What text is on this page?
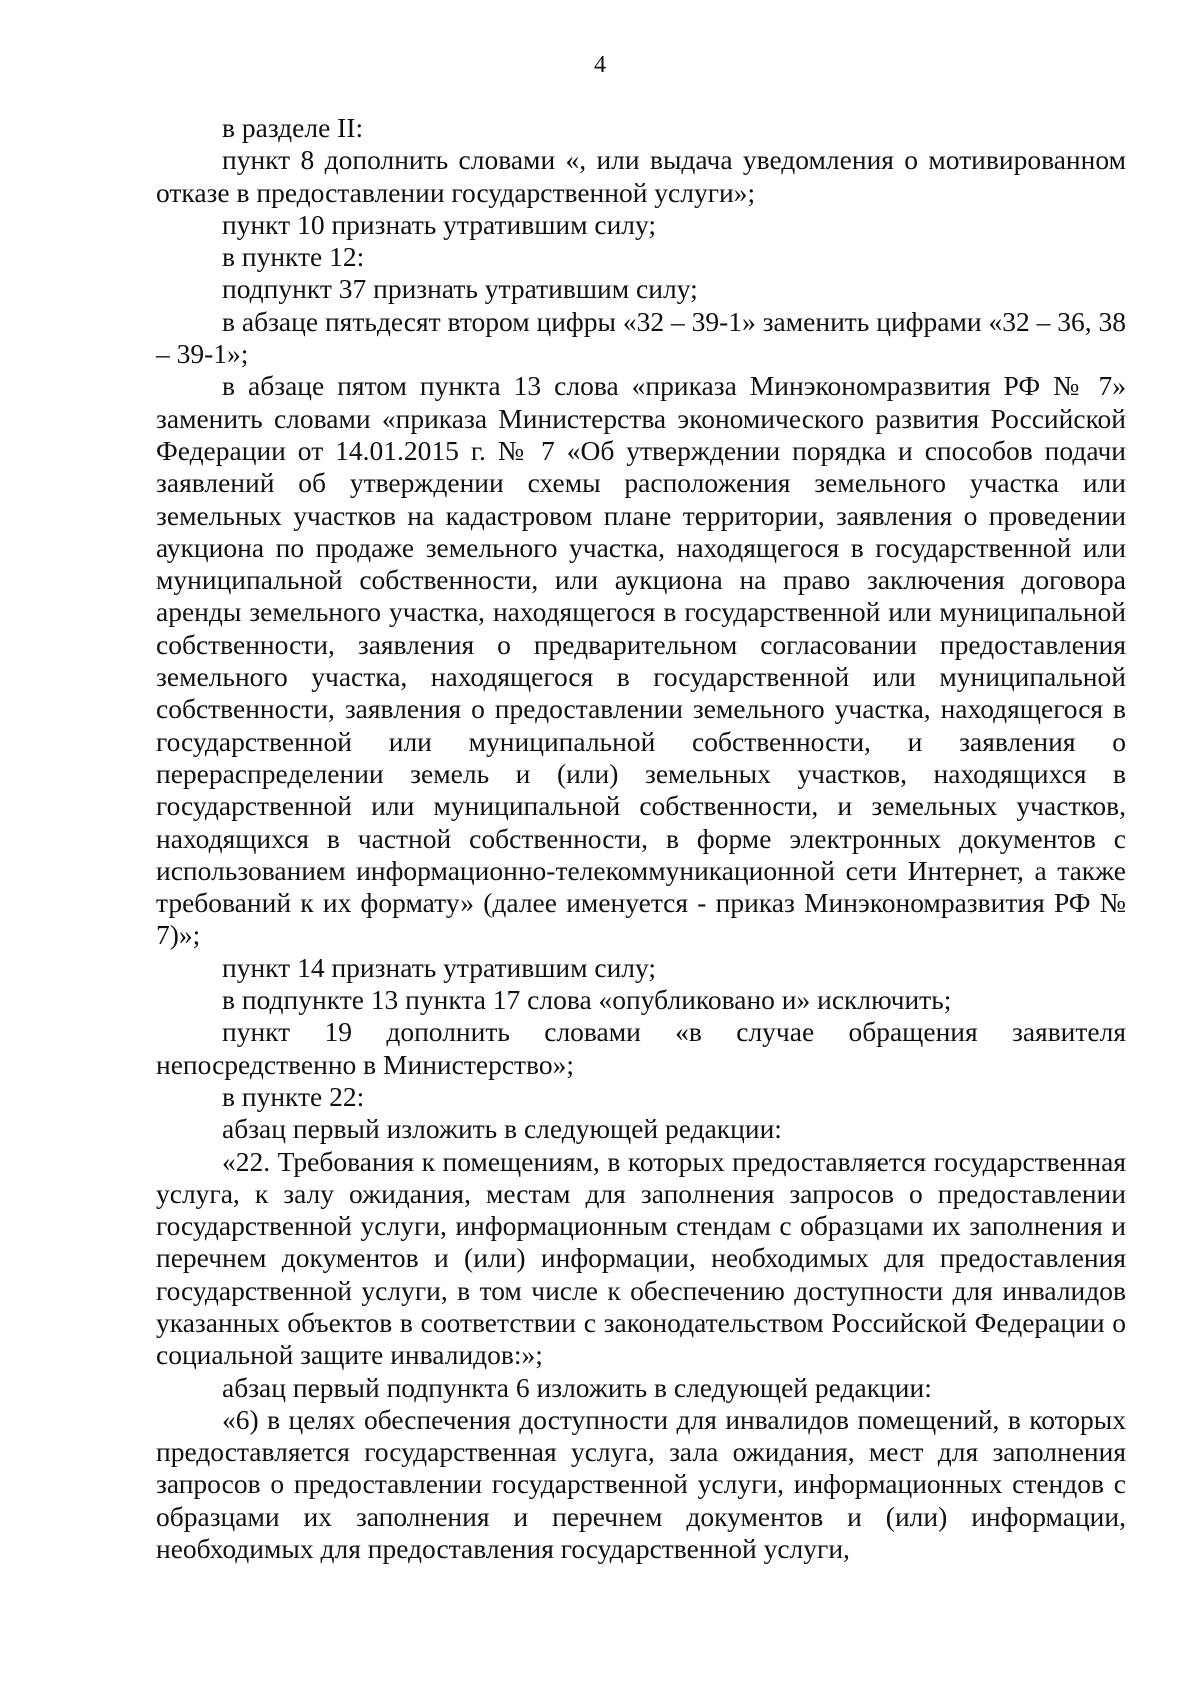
4

в разделе II:

пункт 8 дополнить словами «, или выдача уведомления о мотивированном отказе в предоставлении государственной услуги»;

пункт 10 признать утратившим силу;

в пункте 12:

подпункт 37 признать утратившим силу;

в абзаце пятьдесят втором цифры «32 – 39-1» заменить цифрами «32 – 36, 38 – 39-1»;

в абзаце пятом пункта 13 слова «приказа Минэкономразвития РФ № 7» заменить словами «приказа Министерства экономического развития Российской Федерации от 14.01.2015 г. № 7 «Об утверждении порядка и способов подачи заявлений об утверждении схемы расположения земельного участка или земельных участков на кадастровом плане территории, заявления о проведении аукциона по продаже земельного участка, находящегося в государственной или муниципальной собственности, или аукциона на право заключения договора аренды земельного участка, находящегося в государственной или муниципальной собственности, заявления о предварительном согласовании предоставления земельного участка, находящегося в государственной или муниципальной собственности, заявления о предоставлении земельного участка, находящегося в государственной или муниципальной собственности, и заявления о перераспределении земель и (или) земельных участков, находящихся в государственной или муниципальной собственности, и земельных участков, находящихся в частной собственности, в форме электронных документов с использованием информационно-телекоммуникационной сети Интернет, а также требований к их формату» (далее именуется - приказ Минэкономразвития РФ № 7)»;

пункт 14 признать утратившим силу;

в подпункте 13 пункта 17 слова «опубликовано и» исключить;

пункт 19 дополнить словами «в случае обращения заявителя непосредственно в Министерство»;

в пункте 22:

абзац первый изложить в следующей редакции:

«22. Требования к помещениям, в которых предоставляется государственная услуга, к залу ожидания, местам для заполнения запросов о предоставлении государственной услуги, информационным стендам с образцами их заполнения и перечнем документов и (или) информации, необходимых для предоставления государственной услуги, в том числе к обеспечению доступности для инвалидов указанных объектов в соответствии с законодательством Российской Федерации о социальной защите инвалидов:»;

абзац первый подпункта 6 изложить в следующей редакции:

«6) в целях обеспечения доступности для инвалидов помещений, в которых предоставляется государственная услуга, зала ожидания, мест для заполнения запросов о предоставлении государственной услуги, информационных стендов с образцами их заполнения и перечнем документов и (или) информации, необходимых для предоставления государственной услуги,
